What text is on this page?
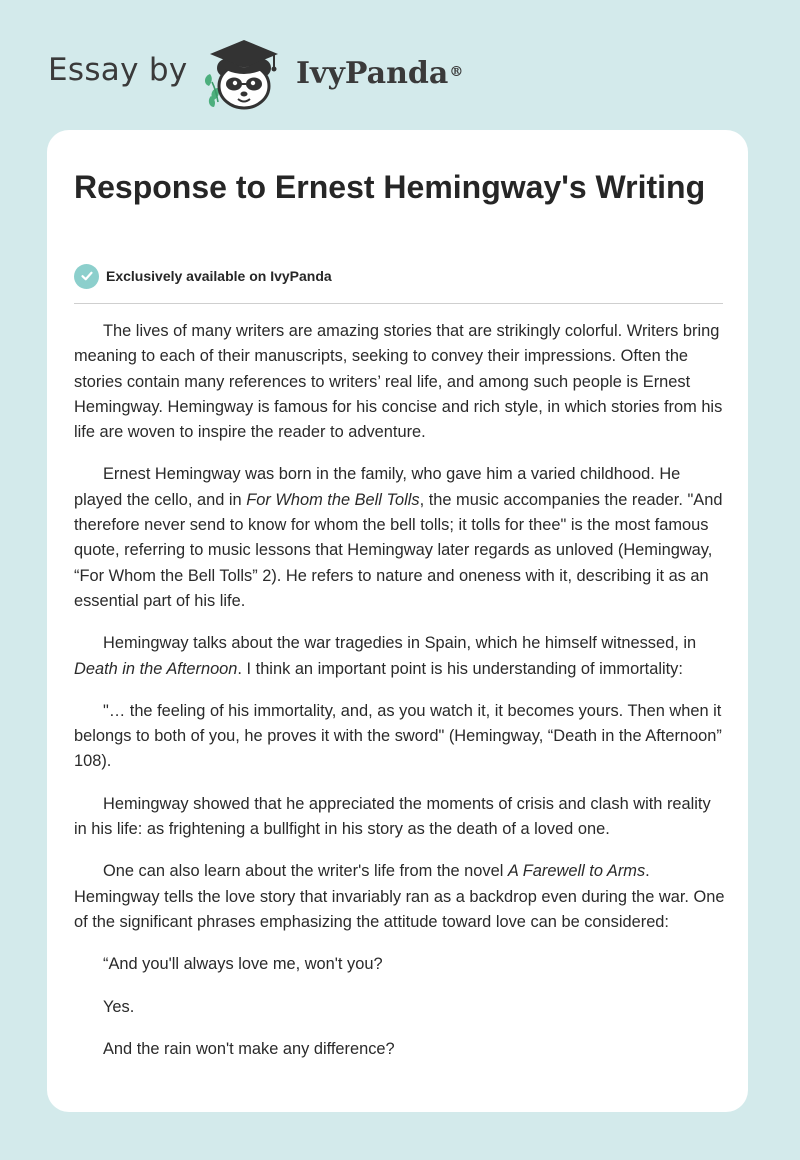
Essay by	IvyPanda®
Response to Ernest Hemingway's Writing
Exclusively available on IvyPanda

The lives of many writers are amazing stories that are strikingly colorful. Writers bring meaning to each of their manuscripts, seeking to convey their impressions. Often the stories contain many references to writers’ real life, and among such people is Ernest Hemingway. Hemingway is famous for his concise and rich style, in which stories from his life are woven to inspire the reader to adventure.

Ernest Hemingway was born in the family, who gave him a varied childhood. He played the cello, and in For Whom the Bell Tolls, the music accompanies the reader. "And therefore never send to know for whom the bell tolls; it tolls for thee" is the most famous quote, referring to music lessons that Hemingway later regards as unloved (Hemingway, “For Whom the Bell Tolls” 2). He refers to nature and oneness with it, describing it as an essential part of his life.

Hemingway talks about the war tragedies in Spain, which he himself witnessed, in Death in the Afternoon. I think an important point is his understanding of immortality:

"… the feeling of his immortality, and, as you watch it, it becomes yours. Then when it belongs to both of you, he proves it with the sword" (Hemingway, “Death in the Afternoon” 108).

Hemingway showed that he appreciated the moments of crisis and clash with reality in his life: as frightening a bullfight in his story as the death of a loved one.

One can also learn about the writer's life from the novel A Farewell to Arms. Hemingway tells the love story that invariably ran as a backdrop even during the war. One of the significant phrases emphasizing the attitude toward love can be considered:

“And you'll always love me, won't you?

Yes.

And the rain won't make any difference?
